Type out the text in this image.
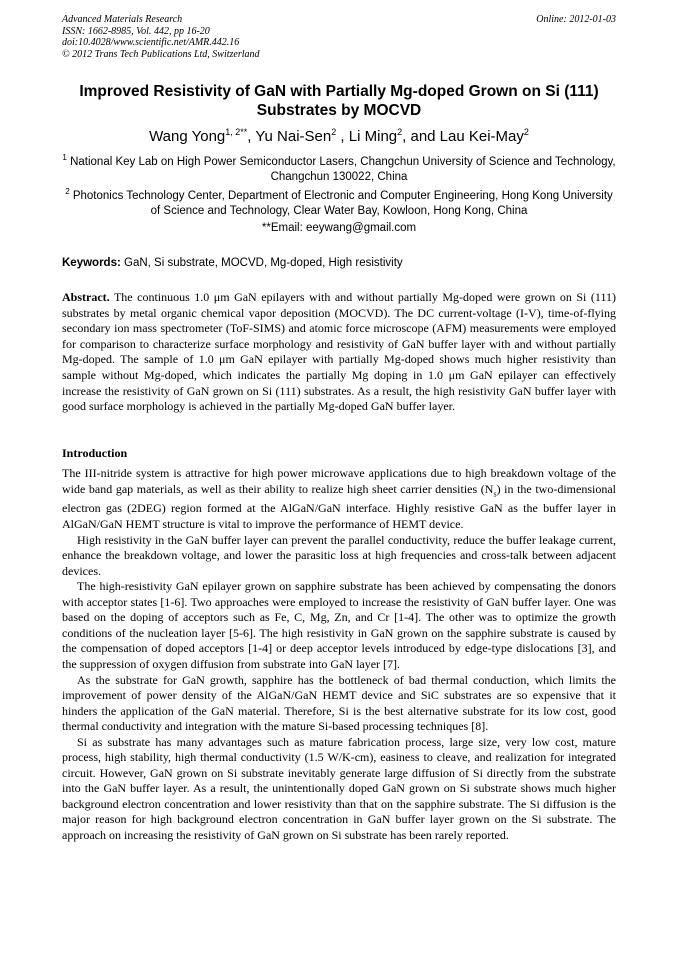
Advanced Materials Research
ISSN: 1662-8985, Vol. 442, pp 16-20
doi:10.4028/www.scientific.net/AMR.442.16
© 2012 Trans Tech Publications Ltd, Switzerland
Online: 2012-01-03
Improved Resistivity of GaN with Partially Mg-doped Grown on Si (111) Substrates by MOCVD
Wang Yong$^{1, 2**}$, Yu Nai-Sen$^2$ , Li Ming$^2$, and Lau Kei-May$^2$
$^1$ National Key Lab on High Power Semiconductor Lasers, Changchun University of Science and Technology, Changchun 130022, China
$^2$ Photonics Technology Center, Department of Electronic and Computer Engineering, Hong Kong University of Science and Technology, Clear Water Bay, Kowloon, Hong Kong, China
**Email: eeywang@gmail.com
Keywords: GaN, Si substrate, MOCVD, Mg-doped, High resistivity
Abstract. The continuous 1.0 μm GaN epilayers with and without partially Mg-doped were grown on Si (111) substrates by metal organic chemical vapor deposition (MOCVD). The DC current-voltage (I-V), time-of-flying secondary ion mass spectrometer (ToF-SIMS) and atomic force microscope (AFM) measurements were employed for comparison to characterize surface morphology and resistivity of GaN buffer layer with and without partially Mg-doped. The sample of 1.0 μm GaN epilayer with partially Mg-doped shows much higher resistivity than sample without Mg-doped, which indicates the partially Mg doping in 1.0 μm GaN epilayer can effectively increase the resistivity of GaN grown on Si (111) substrates. As a result, the high resistivity GaN buffer layer with good surface morphology is achieved in the partially Mg-doped GaN buffer layer.
Introduction

The III-nitride system is attractive for high power microwave applications due to high breakdown voltage of the wide band gap materials, as well as their ability to realize high sheet carrier densities $(N_s)$ in the two-dimensional electron gas (2DEG) region formed at the AlGaN/GaN interface. Highly resistive GaN as the buffer layer in AlGaN/GaN HEMT structure is vital to improve the performance of HEMT device.

High resistivity in the GaN buffer layer can prevent the parallel conductivity, reduce the buffer leakage current, enhance the breakdown voltage, and lower the parasitic loss at high frequencies and cross-talk between adjacent devices.

The high-resistivity GaN epilayer grown on sapphire substrate has been achieved by compensating the donors with acceptor states [1-6]. Two approaches were employed to increase the resistivity of GaN buffer layer. One was based on the doping of acceptors such as Fe, C, Mg, Zn, and Cr [1-4]. The other was to optimize the growth conditions of the nucleation layer [5-6]. The high resistivity in GaN grown on the sapphire substrate is caused by the compensation of doped acceptors [1-4] or deep acceptor levels introduced by edge-type dislocations [3], and the suppression of oxygen diffusion from substrate into GaN layer [7].

As the substrate for GaN growth, sapphire has the bottleneck of bad thermal conduction, which limits the improvement of power density of the AlGaN/GaN HEMT device and SiC substrates are so expensive that it hinders the application of the GaN material. Therefore, Si is the best alternative substrate for its low cost, good thermal conductivity and integration with the mature Si-based processing techniques [8].

Si as substrate has many advantages such as mature fabrication process, large size, very low cost, mature process, high stability, high thermal conductivity (1.5 W/K-cm), easiness to cleave, and realization for integrated circuit. However, GaN grown on Si substrate inevitably generate large diffusion of Si directly from the substrate into the GaN buffer layer. As a result, the unintentionally doped GaN grown on Si substrate shows much higher background electron concentration and lower resistivity than that on the sapphire substrate. The Si diffusion is the major reason for high background electron concentration in GaN buffer layer grown on the Si substrate. The approach on increasing the resistivity of GaN grown on Si substrate has been rarely reported.
